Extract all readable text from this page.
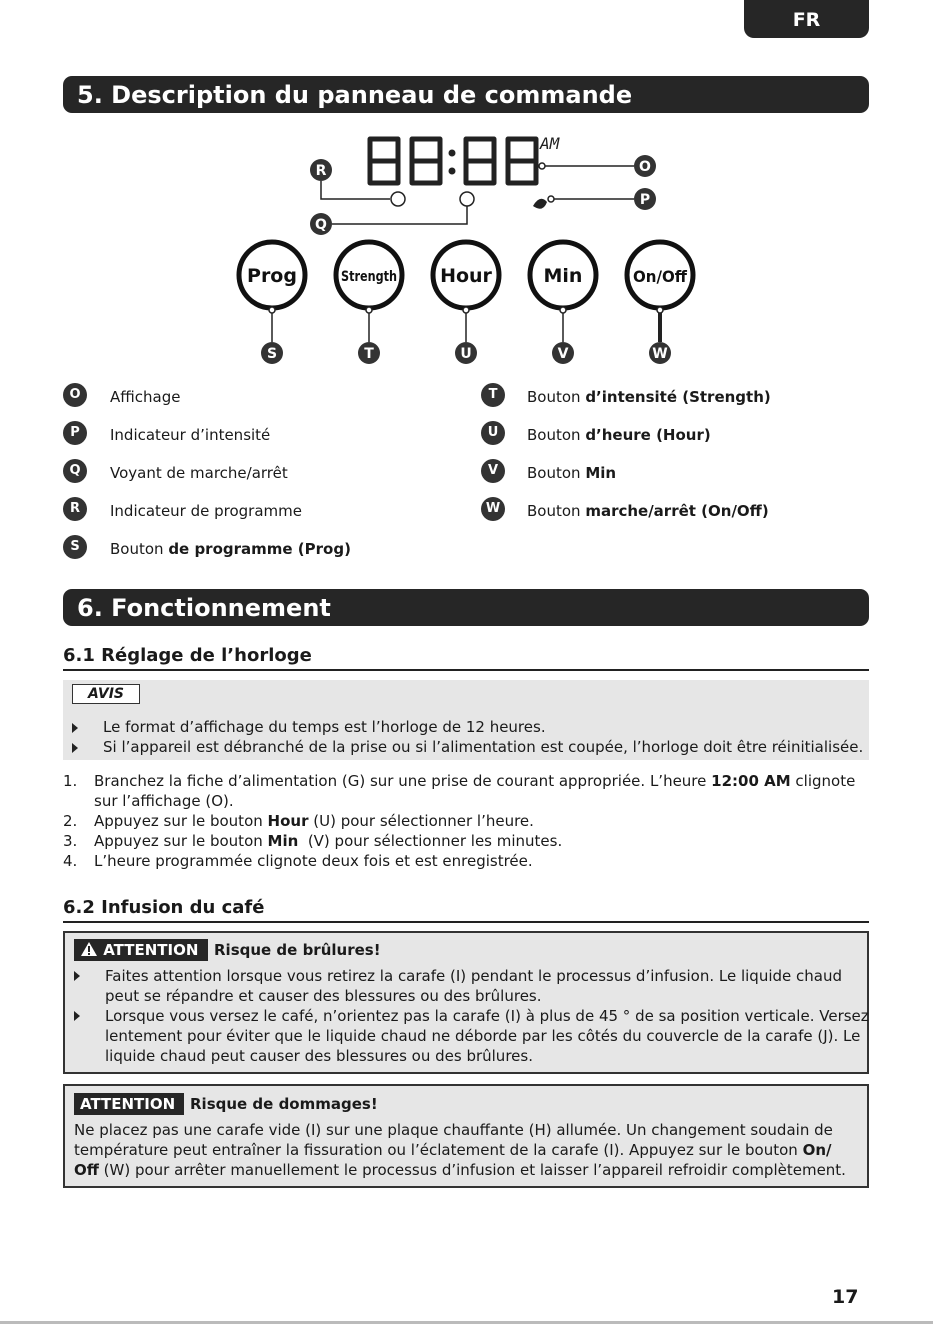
FR
5. Description du panneau de commande
AM
O
P
R
Q
Prog	Strength Hour	Min	On/Off
S	T	U	V	W
O	Affichage
P	Indicateur d’intensité
Q	Voyant de marche/arrêt
R	Indicateur de programme
S	Bouton de programme (Prog)
T	Bouton d’intensité (Strength)
U	Bouton d’heure (Hour)
V	Bouton Min
W	Bouton marche/arrêt (On/Off)
6. Fonctionnement
6.1 Réglage de l’horloge
AVIS
Le format d’affichage du temps est l’horloge de 12 heures.
Si l’appareil est débranché de la prise ou si l’alimentation est coupée, l’horloge doit être réinitialisée.
1. Branchez la fiche d’alimentation (G) sur une prise de courant appropriée. L’heure 12:00 AM clignote
sur l’affichage (O).
2. Appuyez sur le bouton Hour (U) pour sélectionner l’heure.
3. Appuyez sur le bouton Min  (V) pour sélectionner les minutes.
4. L’heure programmée clignote deux fois et est enregistrée.
6.2 Infusion du café
ATTENTION	Risque de brûlures!
Faites attention lorsque vous retirez la carafe (I) pendant le processus d’infusion. Le liquide chaud
peut se répandre et causer des blessures ou des brûlures.
Lorsque vous versez le café, n’orientez pas la carafe (I) à plus de 45 ° de sa position verticale. Versez
lentement pour éviter que le liquide chaud ne déborde par les côtés du couvercle de la carafe (J). Le
liquide chaud peut causer des blessures ou des brûlures.
ATTENTION Risque de dommages!
Ne placez pas une carafe vide (I) sur une plaque chauffante (H) allumée. Un changement soudain de
température peut entraîner la fissuration ou l’éclatement de la carafe (I). Appuyez sur le bouton On/
Off (W) pour arrêter manuellement le processus d’infusion et laisser l’appareil refroidir complètement.
17
